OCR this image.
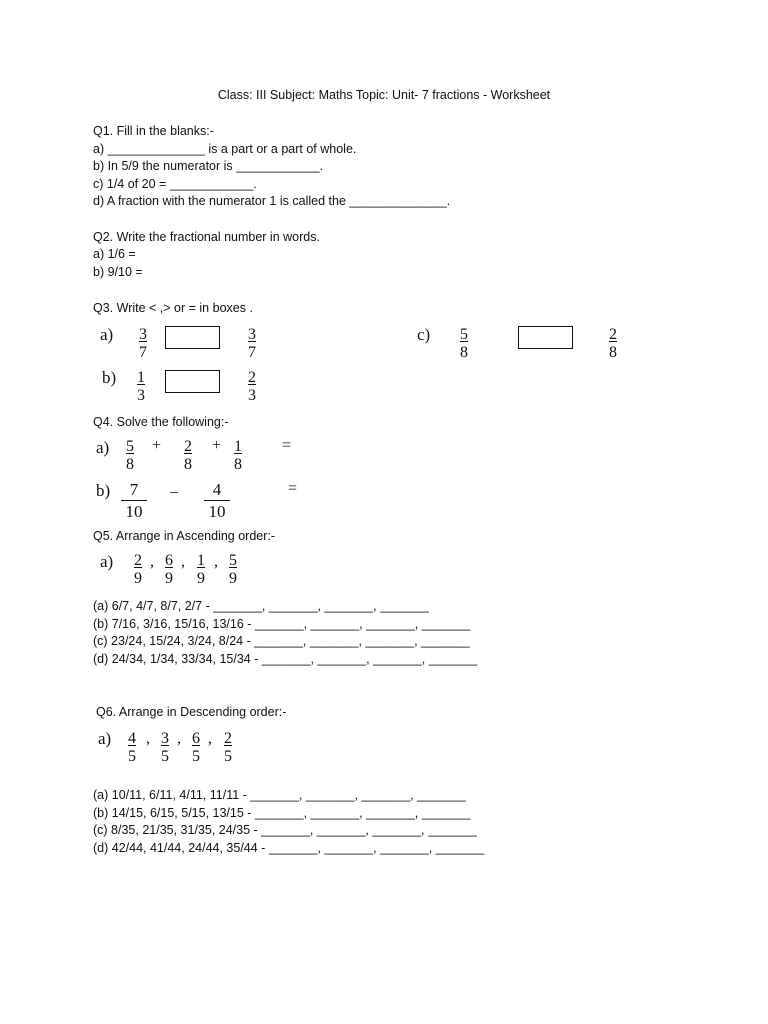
Class: III Subject: Maths Topic: Unit- 7 fractions - Worksheet
Q1. Fill in the blanks:-
a) ______________ is a part or a part of whole.
b) In 5/9 the numerator is ____________.
c) 1/4 of 20 = ____________.
d) A fraction with the numerator 1 is called the ______________.
Q2. Write the fractional number in words.
a) 1/6 =
b) 9/10 =
Q3. Write < ,> or = in boxes .
$a) \frac{3}{7}$	$\frac{3}{7}$
$b) \frac{1}{3}$	$\frac{2}{3}$
$c) \frac{5}{8}$	$\frac{2}{8}$
Q4. Solve the following:-
$a) \frac{5}{8} + \frac{2}{8} + \frac{1}{8}$ =
$b) \frac{7}{10}$ _ $\frac{4}{10}$	=
Q5. Arrange in Ascending order:-
$a) \frac{2}{9}$ , $\frac{6}{9}$ , $\frac{1}{9}$ , $\frac{5}{9}$
(a) 6/7, 4/7, 8/7, 2/7 - _______, _______, _______, _______
(b) 7/16, 3/16, 15/16, 13/16 - _______, _______, _______, _______
(c) 23/24, 15/24, 3/24, 8/24 - _______, _______, _______, _______
(d) 24/34, 1/34, 33/34, 15/34 - _______, _______, _______, _______
Q6. Arrange in Descending order:-
$a) \frac{4}{5}$ , $\frac{3}{5}$ , $\frac{6}{5}$ , $\frac{2}{5}$
(a) 10/11, 6/11, 4/11, 11/11 - _______, _______, _______, _______
(b) 14/15, 6/15, 5/15, 13/15 - _______, _______, _______, _______
(c) 8/35, 21/35, 31/35, 24/35 - _______, _______, _______, _______
(d) 42/44, 41/44, 24/44, 35/44 - _______, _______, _______, _______
